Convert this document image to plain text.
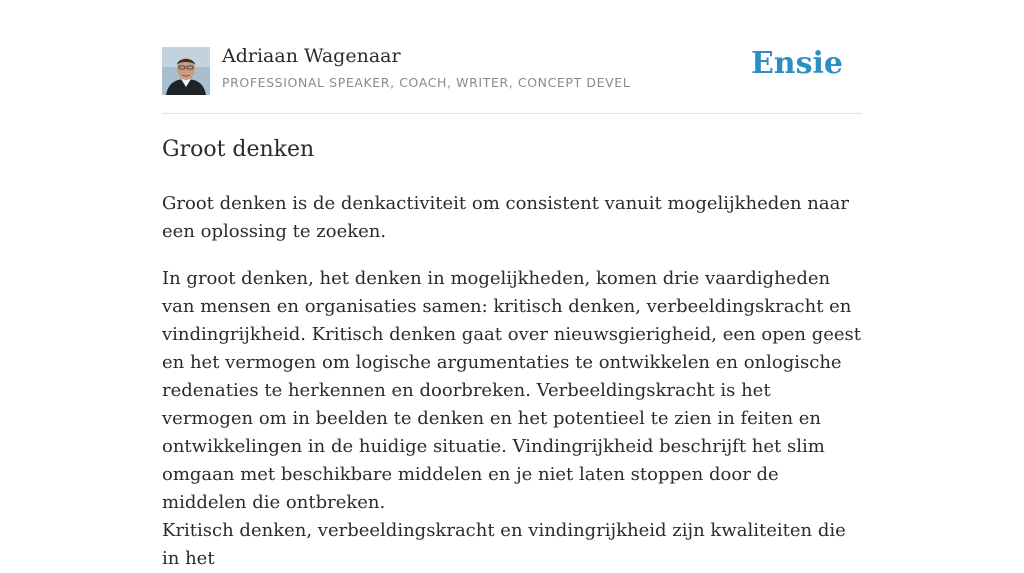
Adriaan Wagenaar
PROFESSIONAL SPEAKER, COACH, WRITER, CONCEPT DEVEL
Ensie
Groot denken

Groot denken is de denkactiviteit om consistent vanuit mogelijkheden naar een oplossing te zoeken.

In groot denken, het denken in mogelijkheden, komen drie vaardigheden van mensen en organisaties samen: kritisch denken, verbeeldingskracht en vindingrijkheid. Kritisch denken gaat over nieuwsgierigheid, een open geest en het vermogen om logische argumentaties te ontwikkelen en onlogische redenaties te herkennen en doorbreken. Verbeeldingskracht is het vermogen om in beelden te denken en het potentieel te zien in feiten en ontwikkelingen in de huidige situatie. Vindingrijkheid beschrijft het slim omgaan met beschikbare middelen en je niet laten stoppen door de middelen die ontbreken.
Kritisch denken, verbeeldingskracht en vindingrijkheid zijn kwaliteiten die in het
